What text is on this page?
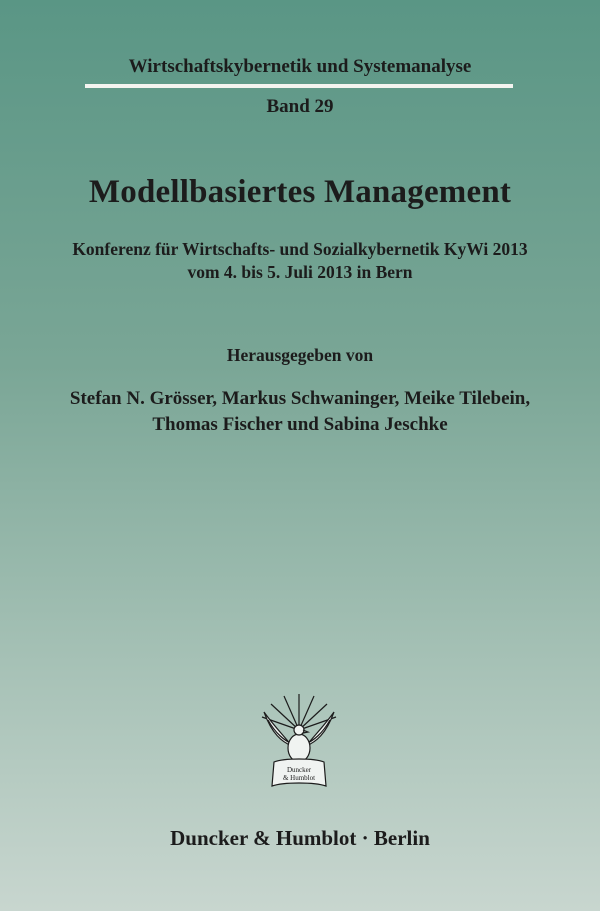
Wirtschaftskybernetik und Systemanalyse
Band 29
Modellbasiertes Management
Konferenz für Wirtschafts- und Sozialkybernetik KyWi 2013
vom 4. bis 5. Juli 2013 in Bern
Herausgegeben von
Stefan N. Grösser, Markus Schwaninger, Meike Tilebein,
Thomas Fischer und Sabina Jeschke
Duncker
& Humblot
Duncker & Humblot · Berlin
